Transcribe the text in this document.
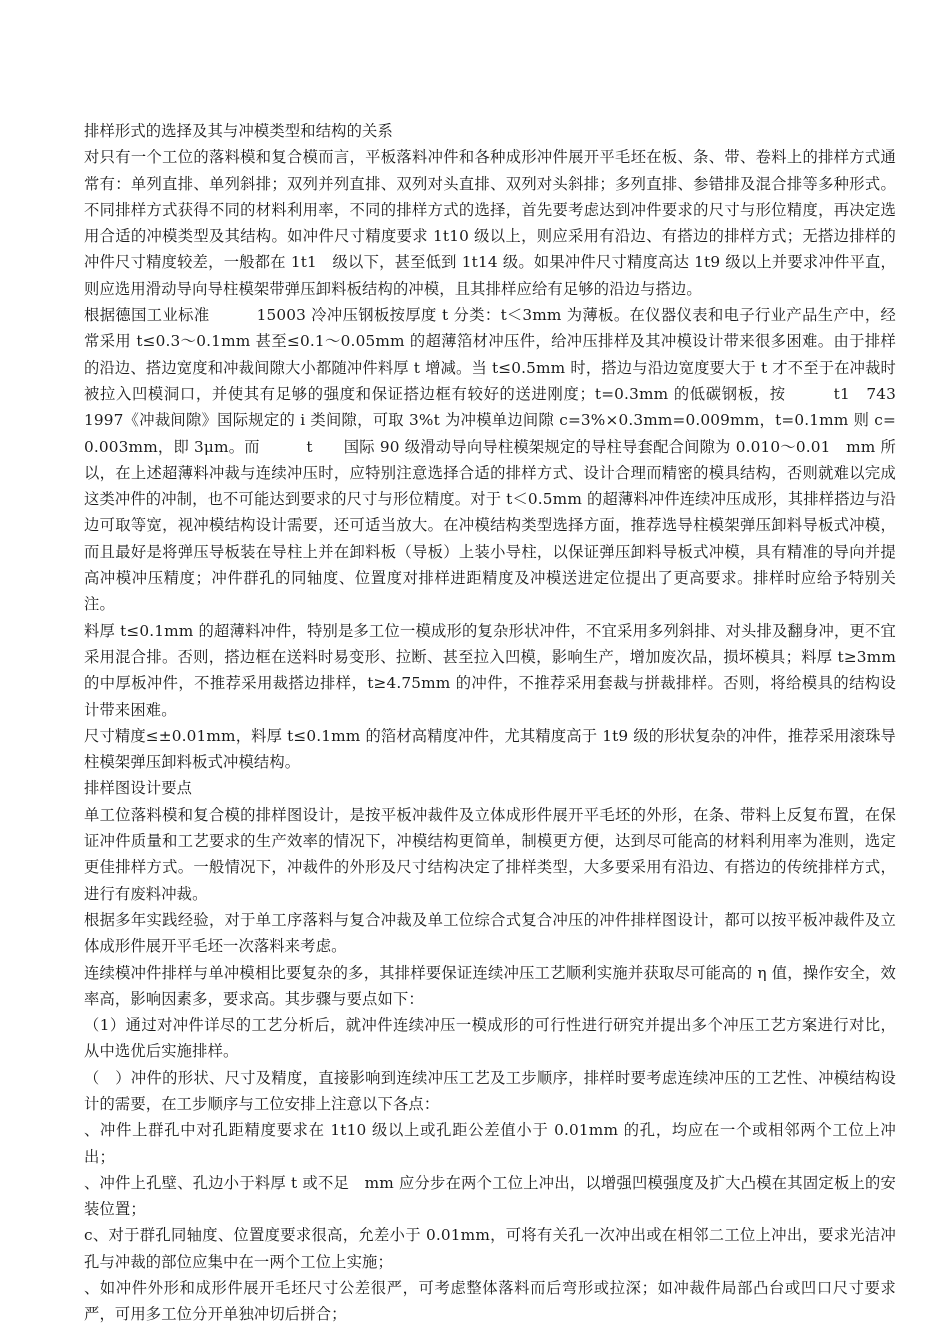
排样形式的选择及其与冲模类型和结构的关系

对只有一个工位的落料模和复合模而言，平板落料冲件和各种成形冲件展开平毛坯在板、条、带、卷料上的排样方式通常有：单列直排、单列斜排；双列并列直排、双列对头直排、双列对头斜排；多列直排、参错排及混合排等多种形式。不同排样方式获得不同的材料利用率，不同的排样方式的选择，首先要考虑达到冲件要求的尺寸与形位精度，再决定选用合适的冲模类型及其结构。如冲件尺寸精度要求 1t10 级以上，则应采用有沿边、有搭边的排样方式；无搭边排样的冲件尺寸精度较差，一般都在 1t1　级以下，甚至低到 1t14 级。如果冲件尺寸精度高达 1t9 级以上并要求冲件平直，则应选用滑动导向导柱模架带弹压卸料板结构的冲模，且其排样应给有足够的沿边与搭边。

根据德国工业标准　　　15003 冷冲压钢板按厚度 t 分类：t＜3mm 为薄板。在仪器仪表和电子行业产品生产中，经常采用 t≤0.3～0.1mm 甚至≤0.1～0.05mm 的超薄箔材冲压件，给冲压排样及其冲模设计带来很多困难。由于排样的沿边、搭边宽度和冲裁间隙大小都随冲件料厚 t 增减。当 t≤0.5mm 时，搭边与沿边宽度要大于 t 才不至于在冲裁时被拉入凹模洞口，并使其有足够的强度和保证搭边框有较好的送进刚度；t=0.3mm 的低碳钢板，按　　　t1　743　1997《冲裁间隙》国际规定的 i 类间隙，可取 3%t 为冲模单边间隙 c=3%×0.3mm=0.009mm，t=0.1mm 则 c=0.003mm，即 3μm。而　　　t　　国际 90 级滑动导向导柱模架规定的导柱导套配合间隙为 0.010～0.01　mm 所以，在上述超薄料冲裁与连续冲压时，应特别注意选择合适的排样方式、设计合理而精密的模具结构，否则就难以完成这类冲件的冲制，也不可能达到要求的尺寸与形位精度。对于 t＜0.5mm 的超薄料冲件连续冲压成形，其排样搭边与沿边可取等宽，视冲模结构设计需要，还可适当放大。在冲模结构类型选择方面，推荐选导柱模架弹压卸料导板式冲模，而且最好是将弹压导板装在导柱上并在卸料板（导板）上装小导柱，以保证弹压卸料导板式冲模，具有精准的导向并提高冲模冲压精度；冲件群孔的同轴度、位置度对排样进距精度及冲模送进定位提出了更高要求。排样时应给予特别关注。

料厚 t≤0.1mm 的超薄料冲件，特别是多工位一模成形的复杂形状冲件，不宜采用多列斜排、对头排及翻身冲，更不宜采用混合排。否则，搭边框在送料时易变形、拉断、甚至拉入凹模，影响生产，增加废次品，损坏模具；料厚 t≥3mm 的中厚板冲件，不推荐采用裁搭边排样，t≥4.75mm 的冲件，不推荐采用套裁与拼裁排样。否则，将给模具的结构设计带来困难。

尺寸精度≤±0.01mm，料厚 t≤0.1mm 的箔材高精度冲件，尤其精度高于 1t9 级的形状复杂的冲件，推荐采用滚珠导柱模架弹压卸料板式冲模结构。

排样图设计要点

单工位落料模和复合模的排样图设计，是按平板冲裁件及立体成形件展开平毛坯的外形，在条、带料上反复布置，在保证冲件质量和工艺要求的生产效率的情况下，冲模结构更简单，制模更方便，达到尽可能高的材料利用率为准则，选定更佳排样方式。一般情况下，冲裁件的外形及尺寸结构决定了排样类型，大多要采用有沿边、有搭边的传统排样方式，进行有废料冲裁。

根据多年实践经验，对于单工序落料与复合冲裁及单工位综合式复合冲压的冲件排样图设计，都可以按平板冲裁件及立体成形件展开平毛坯一次落料来考虑。

连续模冲件排样与单冲模相比要复杂的多，其排样要保证连续冲压工艺顺利实施并获取尽可能高的 η 值，操作安全，效率高，影响因素多，要求高。其步骤与要点如下：

（1）通过对冲件详尽的工艺分析后，就冲件连续冲压一模成形的可行性进行研究并提出多个冲压工艺方案进行对比，从中选优后实施排样。

（　）冲件的形状、尺寸及精度，直接影响到连续冲压工艺及工步顺序，排样时要考虑连续冲压的工艺性、冲模结构设计的需要，在工步顺序与工位安排上注意以下各点：

、冲件上群孔中对孔距精度要求在 1t10 级以上或孔距公差值小于 0.01mm 的孔，均应在一个或相邻两个工位上冲出；

、冲件上孔壁、孔边小于料厚 t 或不足　mm 应分步在两个工位上冲出，以增强凹模强度及扩大凸模在其固定板上的安装位置；

c、对于群孔同轴度、位置度要求很高，允差小于 0.01mm，可将有关孔一次冲出或在相邻二工位上冲出，要求光洁冲孔与冲裁的部位应集中在一两个工位上实施；

、如冲件外形和成形件展开毛坯尺寸公差很严，可考虑整体落料而后弯形或拉深；如冲裁件局部凸台或凹口尺寸要求严，可用多工位分开单独冲切后拼合；
